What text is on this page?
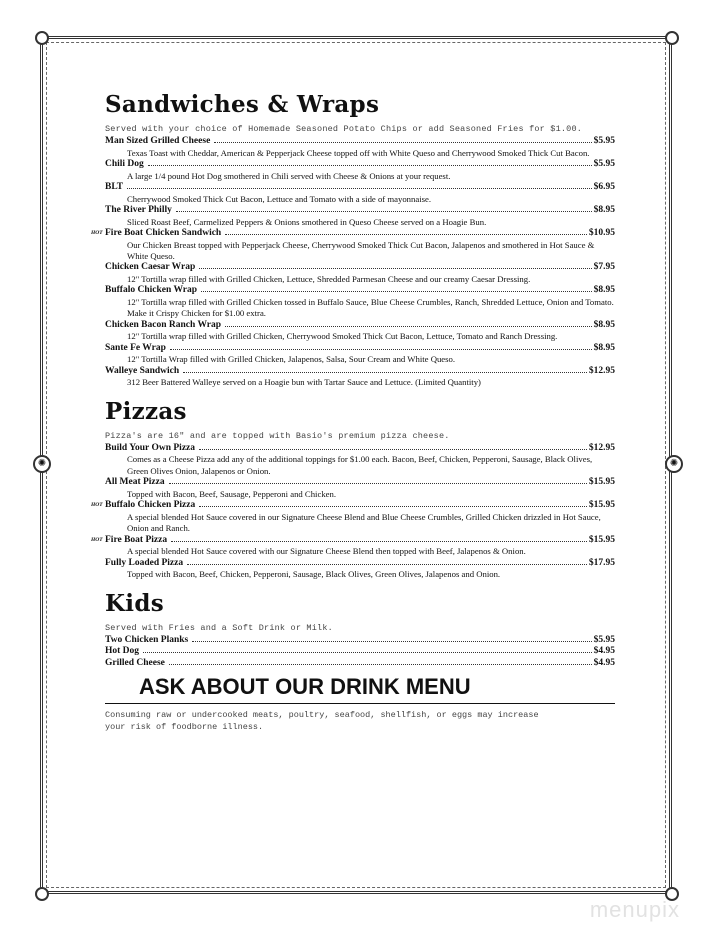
✺	✺
Sandwiches & Wraps
Served with your choice of Homemade Seasoned Potato Chips or add Seasoned Fries for $1.00.
Man Sized Grilled Cheese	$5.95
Texas Toast with Cheddar, American & Pepperjack Cheese topped off with White Queso and Cherrywood Smoked Thick Cut Bacon.
Chili Dog	$5.95
A large 1/4 pound Hot Dog smothered in Chili served with Cheese & Onions at your request.
BLT	$6.95
Cherrywood Smoked Thick Cut Bacon, Lettuce and Tomato with a side of mayonnaise.
The River Philly	$8.95
Sliced Roast Beef, Carmelized Peppers & Onions smothered in Queso Cheese served on a Hoagie Bun.
HOT Fire Boat Chicken Sandwich	$10.95
Our Chicken Breast topped with Pepperjack Cheese, Cherrywood Smoked Thick Cut Bacon, Jalapenos and smothered in Hot Sauce & White Queso.
Chicken Caesar Wrap	$7.95
12" Tortilla wrap filled with Grilled Chicken, Lettuce, Shredded Parmesan Cheese and our creamy Caesar Dressing.
Buffalo Chicken Wrap	$8.95
12" Tortilla wrap filled with Grilled Chicken tossed in Buffalo Sauce, Blue Cheese Crumbles, Ranch, Shredded Lettuce, Onion and Tomato. Make it Crispy Chicken for $1.00 extra.
Chicken Bacon Ranch Wrap	$8.95
12" Tortilla wrap filled with Grilled Chicken, Cherrywood Smoked Thick Cut Bacon, Lettuce, Tomato and Ranch Dressing.
Sante Fe Wrap	$8.95
12" Tortilla Wrap filled with Grilled Chicken, Jalapenos, Salsa, Sour Cream and White Queso.
Walleye Sandwich	$12.95
312 Beer Battered Walleye served on a Hoagie bun with Tartar Sauce and Lettuce. (Limited Quantity)
Pizzas
Pizza's are 16" and are topped with Basio's premium pizza cheese.
Build Your Own Pizza	$12.95
Comes as a Cheese Pizza add any of the additional toppings for $1.00 each. Bacon, Beef, Chicken, Pepperoni, Sausage, Black Olives, Green Olives Onion, Jalapenos or Onion.
All Meat Pizza	$15.95
Topped with Bacon, Beef, Sausage, Pepperoni and Chicken.
HOT Buffalo Chicken Pizza	$15.95
A special blended Hot Sauce covered in our Signature Cheese Blend and Blue Cheese Crumbles, Grilled Chicken drizzled in Hot Sauce, Onion and Ranch.
HOT Fire Boat Pizza	$15.95
A special blended Hot Sauce covered with our Signature Cheese Blend then topped with Beef, Jalapenos & Onion.
Fully Loaded Pizza	$17.95
Topped with Bacon, Beef, Chicken, Pepperoni, Sausage, Black Olives, Green Olives, Jalapenos and Onion.
Kids
Served with Fries and a Soft Drink or Milk.
Two Chicken Planks	$5.95
Hot Dog	$4.95
Grilled Cheese	$4.95
ASK ABOUT OUR DRINK MENU
Consuming raw or undercooked meats, poultry, seafood, shellfish, or eggs may increase
your risk of foodborne illness.
menupix
